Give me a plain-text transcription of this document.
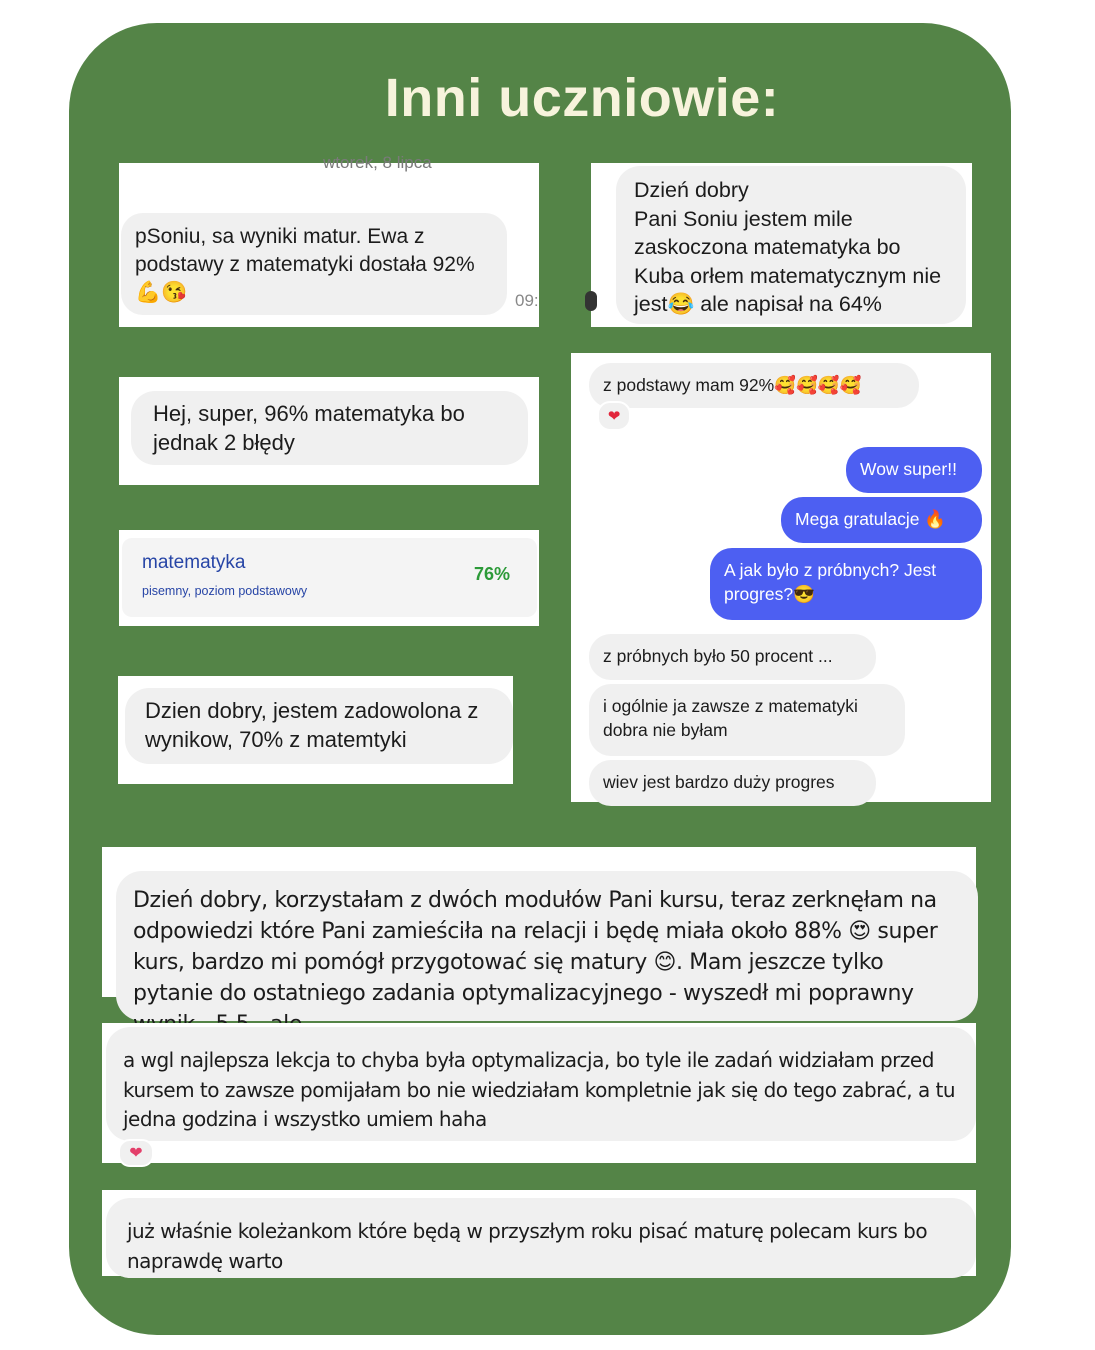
Inni uczniowie:
wtorek, 8 lipca
pSoniu, sa wyniki matur. Ewa z podstawy z matematyki dostała 92%💪😘	09:
Dzień dobry
Pani Soniu jestem mile zaskoczona matematyka bo Kuba orłem matematycznym nie jest😂 ale napisał na 64%
Hej, super, 96% matematyka bo jednak 2 błędy
matematyka
pisemny, poziom podstawowy
76%
Dzien dobry, jestem zadowolona z wynikow, 70% z matemtyki
z podstawy mam 92%🥰🥰🥰🥰
❤
Wow super!!
Mega gratulacje 🔥
A jak było z próbnych? Jest progres?😎
z próbnych było 50 procent ...
i ogólnie ja zawsze z matematyki dobra nie byłam
wiev jest bardzo duży progres
Dzień dobry, korzystałam z dwóch modułów Pani kursu, teraz zerknęłam na odpowiedzi które Pani zamieściła na relacji i będę miała około 88% 😍 super kurs, bardzo mi pomógł przygotować się matury 😊. Mam jeszcze tylko pytanie do ostatniego zadania optymalizacyjnego - wyszedł mi poprawny
a wgl najlepsza lekcja to chyba była optymalizacja, bo tyle ile zadań widziałam przed kursem to zawsze pomijałam bo nie wiedziałam kompletnie jak się do tego zabrać, a tu jedna godzina i wszystko umiem haha
❤
już właśnie koleżankom które będą w przyszłym roku pisać maturę polecam kurs bo naprawdę warto
